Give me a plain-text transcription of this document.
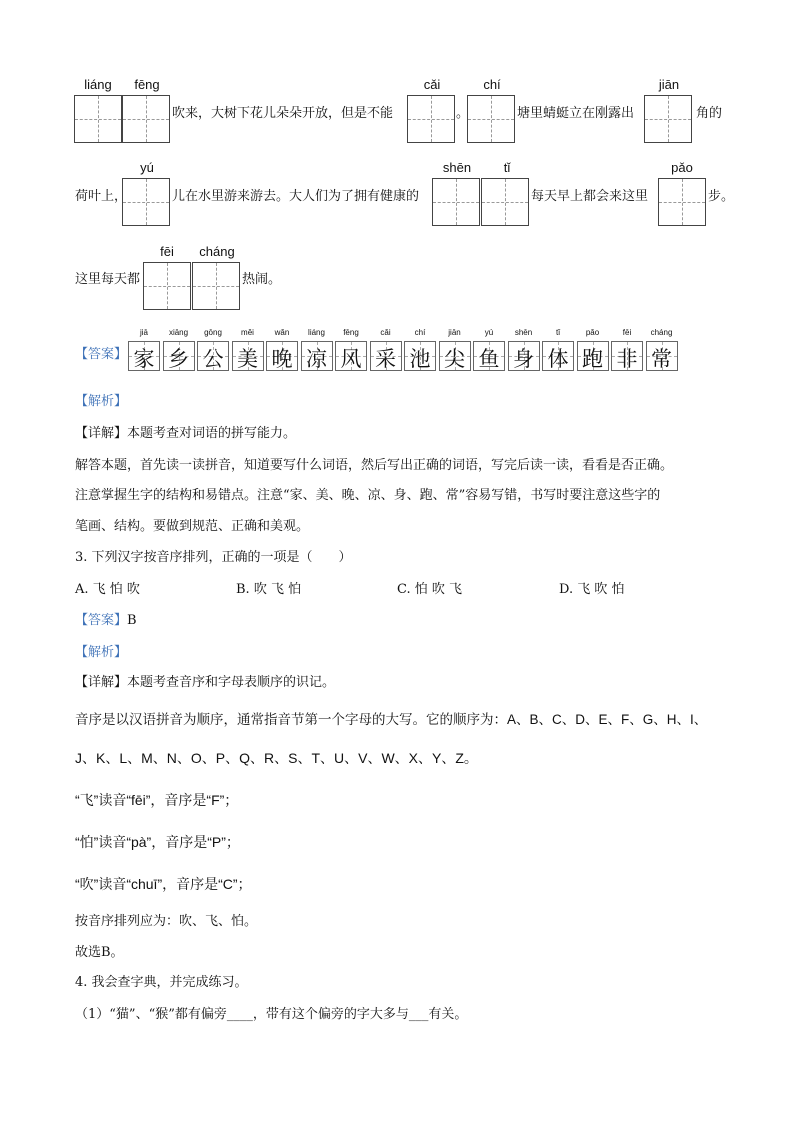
liáng	fēng
吹来，大树下花儿朵朵开放，但是不能
cǎi
。
chí
塘里蜻蜓立在刚露出
jiān
角的
荷叶上，
yú
儿在水里游来游去。大人们为了拥有健康的
shēn	tǐ
每天早上都会来这里
pǎo
步。
这里每天都
fēi	cháng
热闹。
【答案】
jiā
家
xiāng
乡
gōng
公
měi
美
wǎn
晚
liáng
凉
fēng
风
cǎi
采
chí
池
jiān
尖
yú
鱼
shēn
身
tǐ
体
pǎo
跑
fēi
非
cháng
常
【解析】
【详解】本题考查对词语的拼写能力。
解答本题，首先读一读拼音，知道要写什么词语，然后写出正确的词语，写完后读一读，看看是否正确。
注意掌握生字的结构和易错点。注意“家、美、晚、凉、身、跑、常”容易写错，书写时要注意这些字的
笔画、结构。要做到规范、正确和美观。
3. 下列汉字按音序排列，正确的一项是（　　）
A. 飞 怕 吹	B. 吹 飞 怕	C. 怕 吹 飞	D. 飞 吹 怕
【答案】B
【解析】
【详解】本题考查音序和字母表顺序的识记。
音序是以汉语拼音为顺序，通常指音节第一个字母的大写。它的顺序为：A、B、C、D、E、F、G、H、I、
J、K、L、M、N、O、P、Q、R、S、T、U、V、W、X、Y、Z。
“飞”读音“fēi”，音序是“F”；
“怕”读音“pà”，音序是“P”；
“吹”读音“chuī”，音序是“C”；
按音序排列应为：吹、飞、怕。
故选B。
4. 我会查字典，并完成练习。
（1）“猫”、“猴”都有偏旁____，带有这个偏旁的字大多与___有关。
